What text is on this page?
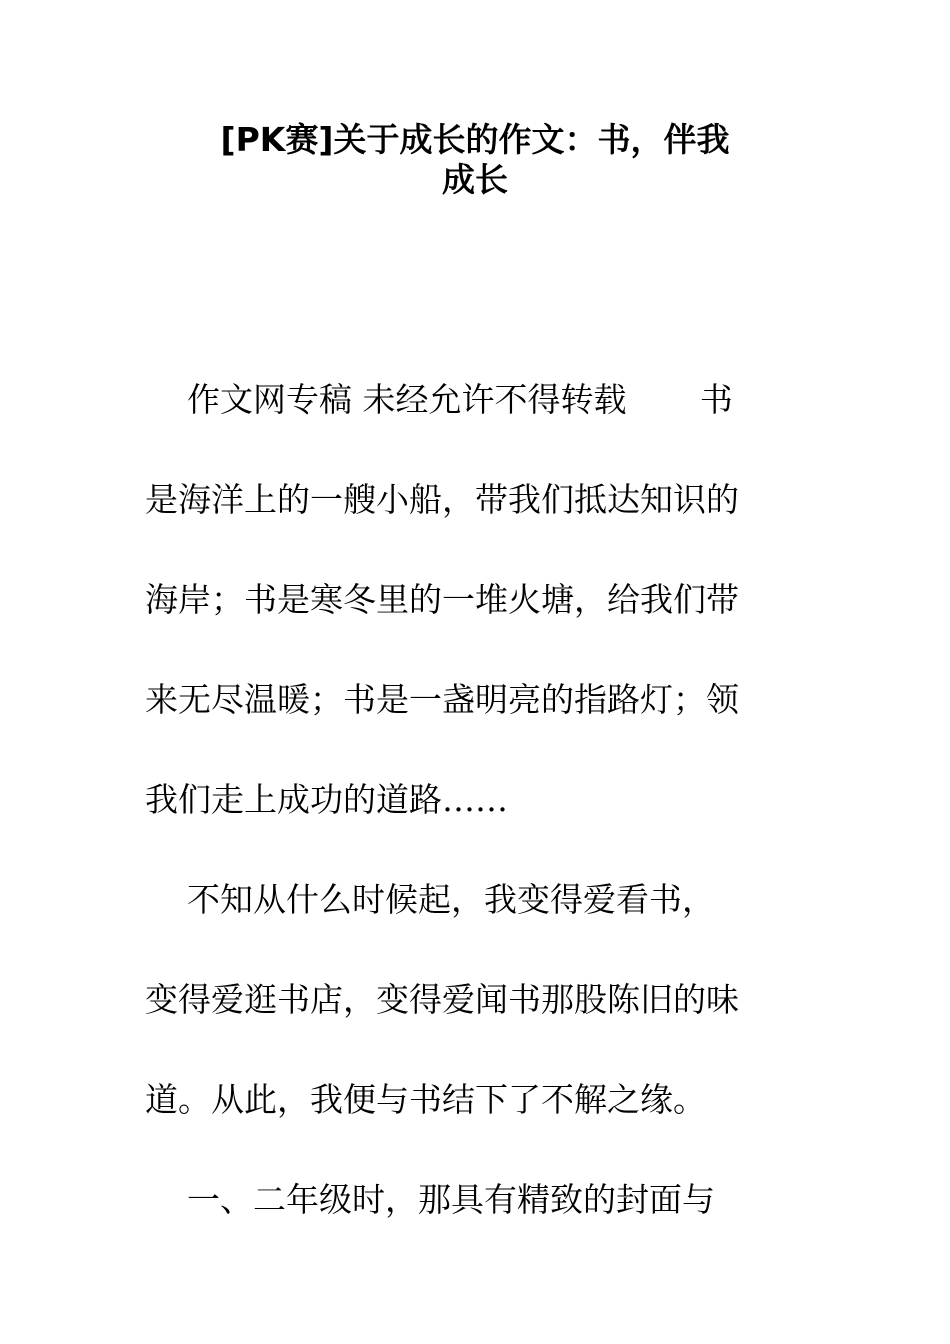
[PK赛]关于成长的作文：书，伴我
成长
作文网专稿 未经允许不得转载       书
是海洋上的一艘小船，带我们抵达知识的
海岸；书是寒冬里的一堆火塘，给我们带
来无尽温暖；书是一盏明亮的指路灯；领
我们走上成功的道路……
不知从什么时候起，我变得爱看书，
变得爱逛书店，变得爱闻书那股陈旧的味
道。从此，我便与书结下了不解之缘。
一、二年级时，那具有精致的封面与
